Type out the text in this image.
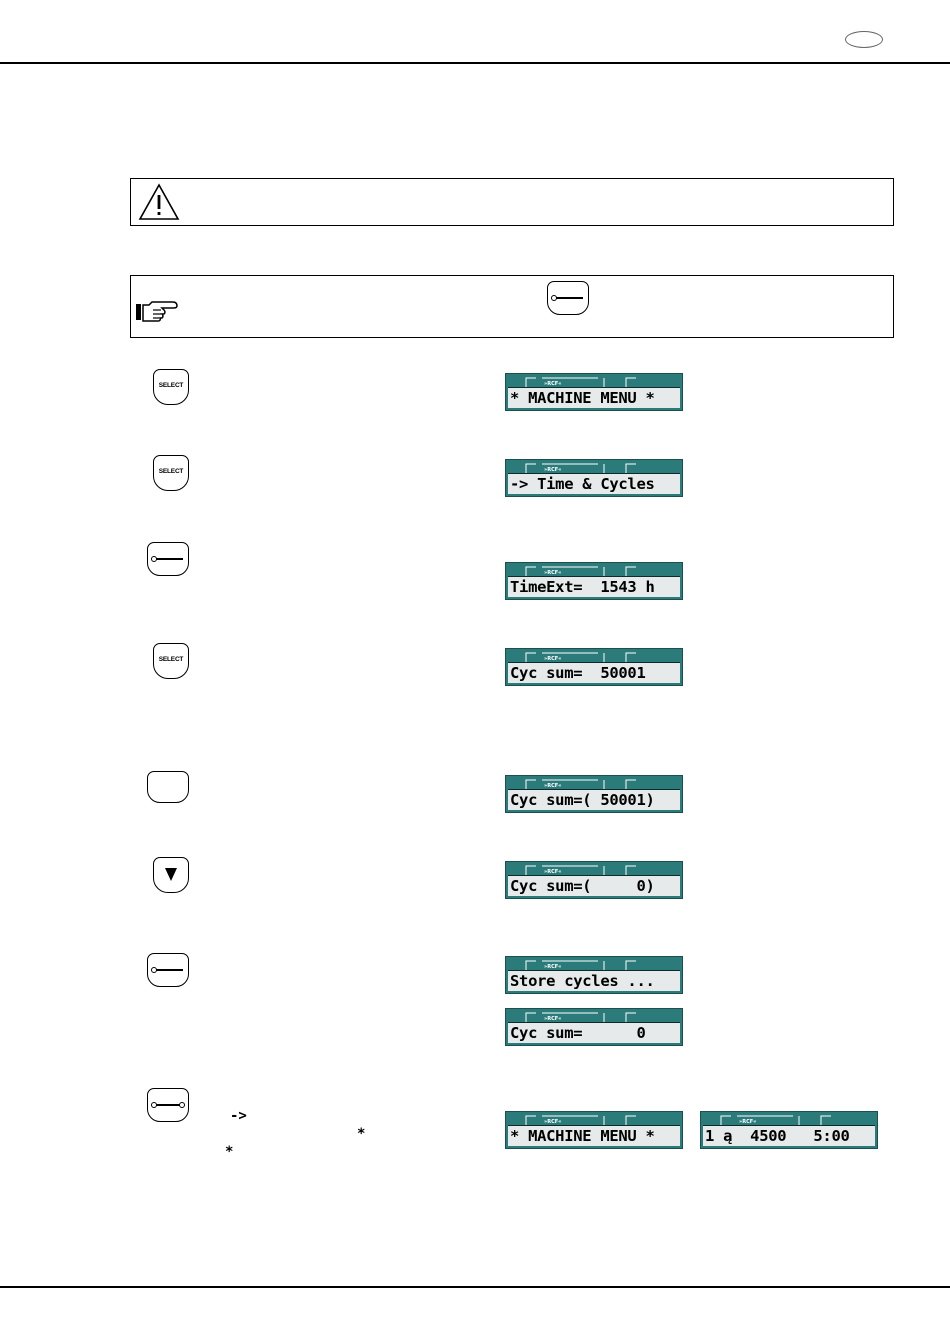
SELECT	»RCF«
* MACHINE MENU *
SELECT	»RCF«
-> Time & Cycles
»RCF«
TimeExt=  1543 h
SELECT	»RCF«
Cyc sum=  50001
»RCF«
Cyc sum=( 50001)
»RCF«
Cyc sum=(     0)
»RCF«
Store cycles ...
»RCF«
Cyc sum=      0
->
*
*
»RCF«
* MACHINE MENU *
»RCF«
1 ą  4500   5:00
